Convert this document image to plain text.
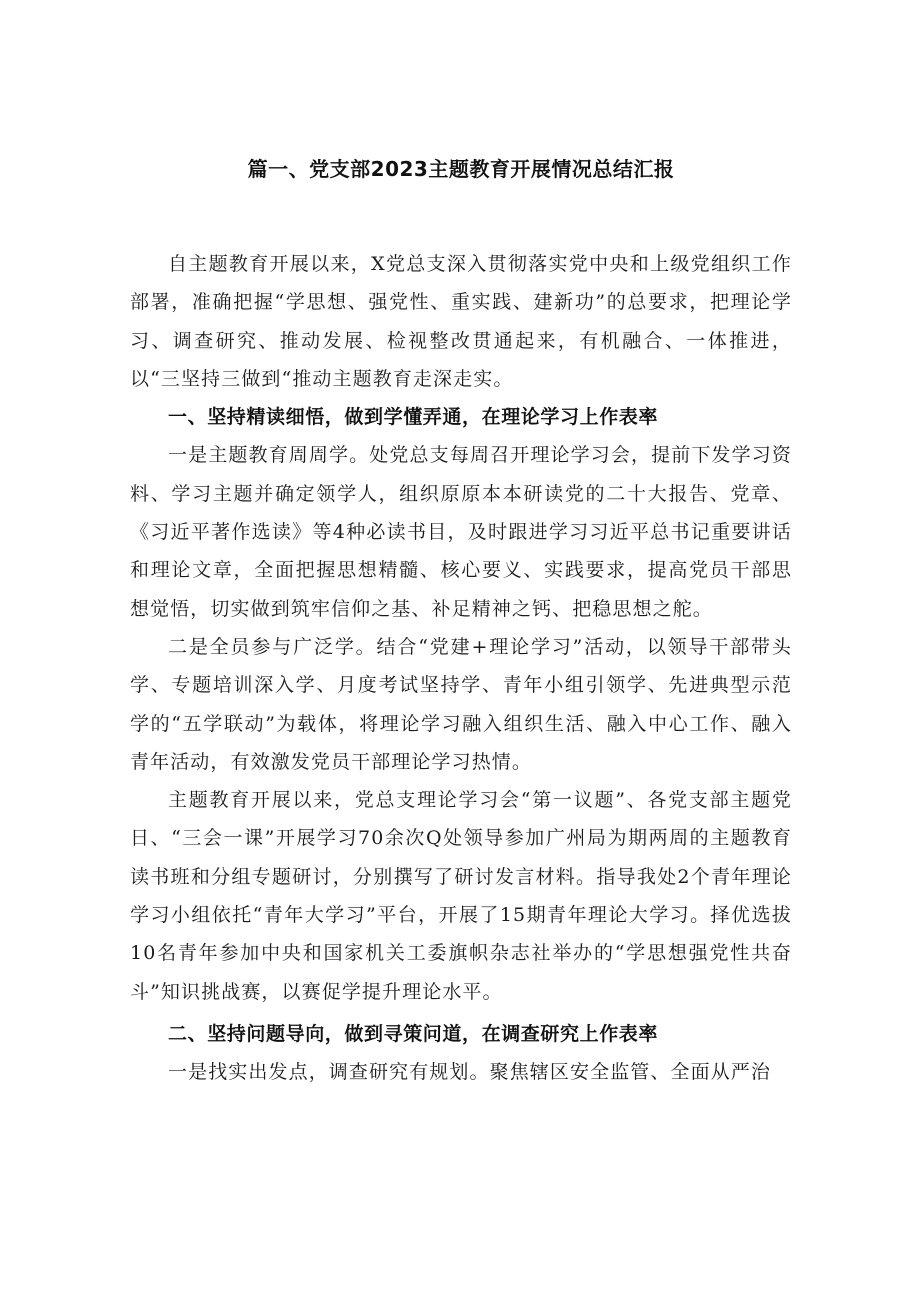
篇一、党支部2023主题教育开展情况总结汇报

自主题教育开展以来，X党总支深入贯彻落实党中央和上级党组织工作部署，准确把握“学思想、强党性、重实践、建新功”的总要求，把理论学习、调查研究、推动发展、检视整改贯通起来，有机融合、一体推进，以“三坚持三做到“推动主题教育走深走实。

一、坚持精读细悟，做到学懂弄通，在理论学习上作表率

一是主题教育周周学。处党总支每周召开理论学习会，提前下发学习资料、学习主题并确定领学人，组织原原本本研读党的二十大报告、党章、《习近平著作选读》等4种必读书目，及时跟进学习习近平总书记重要讲话和理论文章，全面把握思想精髓、核心要义、实践要求，提高党员干部思想觉悟，切实做到筑牢信仰之基、补足精神之钙、把稳思想之舵。

二是全员参与广泛学。结合“党建+理论学习”活动，以领导干部带头学、专题培训深入学、月度考试坚持学、青年小组引领学、先进典型示范学的“五学联动”为载体，将理论学习融入组织生活、融入中心工作、融入青年活动，有效激发党员干部理论学习热情。

主题教育开展以来，党总支理论学习会“第一议题”、各党支部主题党日、“三会一课”开展学习70余次Q处领导参加广州局为期两周的主题教育读书班和分组专题研讨，分别撰写了研讨发言材料。指导我处2个青年理论学习小组依托“青年大学习”平台，开展了15期青年理论大学习。择优选拔10名青年参加中央和国家机关工委旗帜杂志社举办的“学思想强党性共奋斗”知识挑战赛，以赛促学提升理论水平。

二、坚持问题导向，做到寻策问道，在调查研究上作表率

一是找实出发点，调查研究有规划。聚焦辖区安全监管、全面从严治
